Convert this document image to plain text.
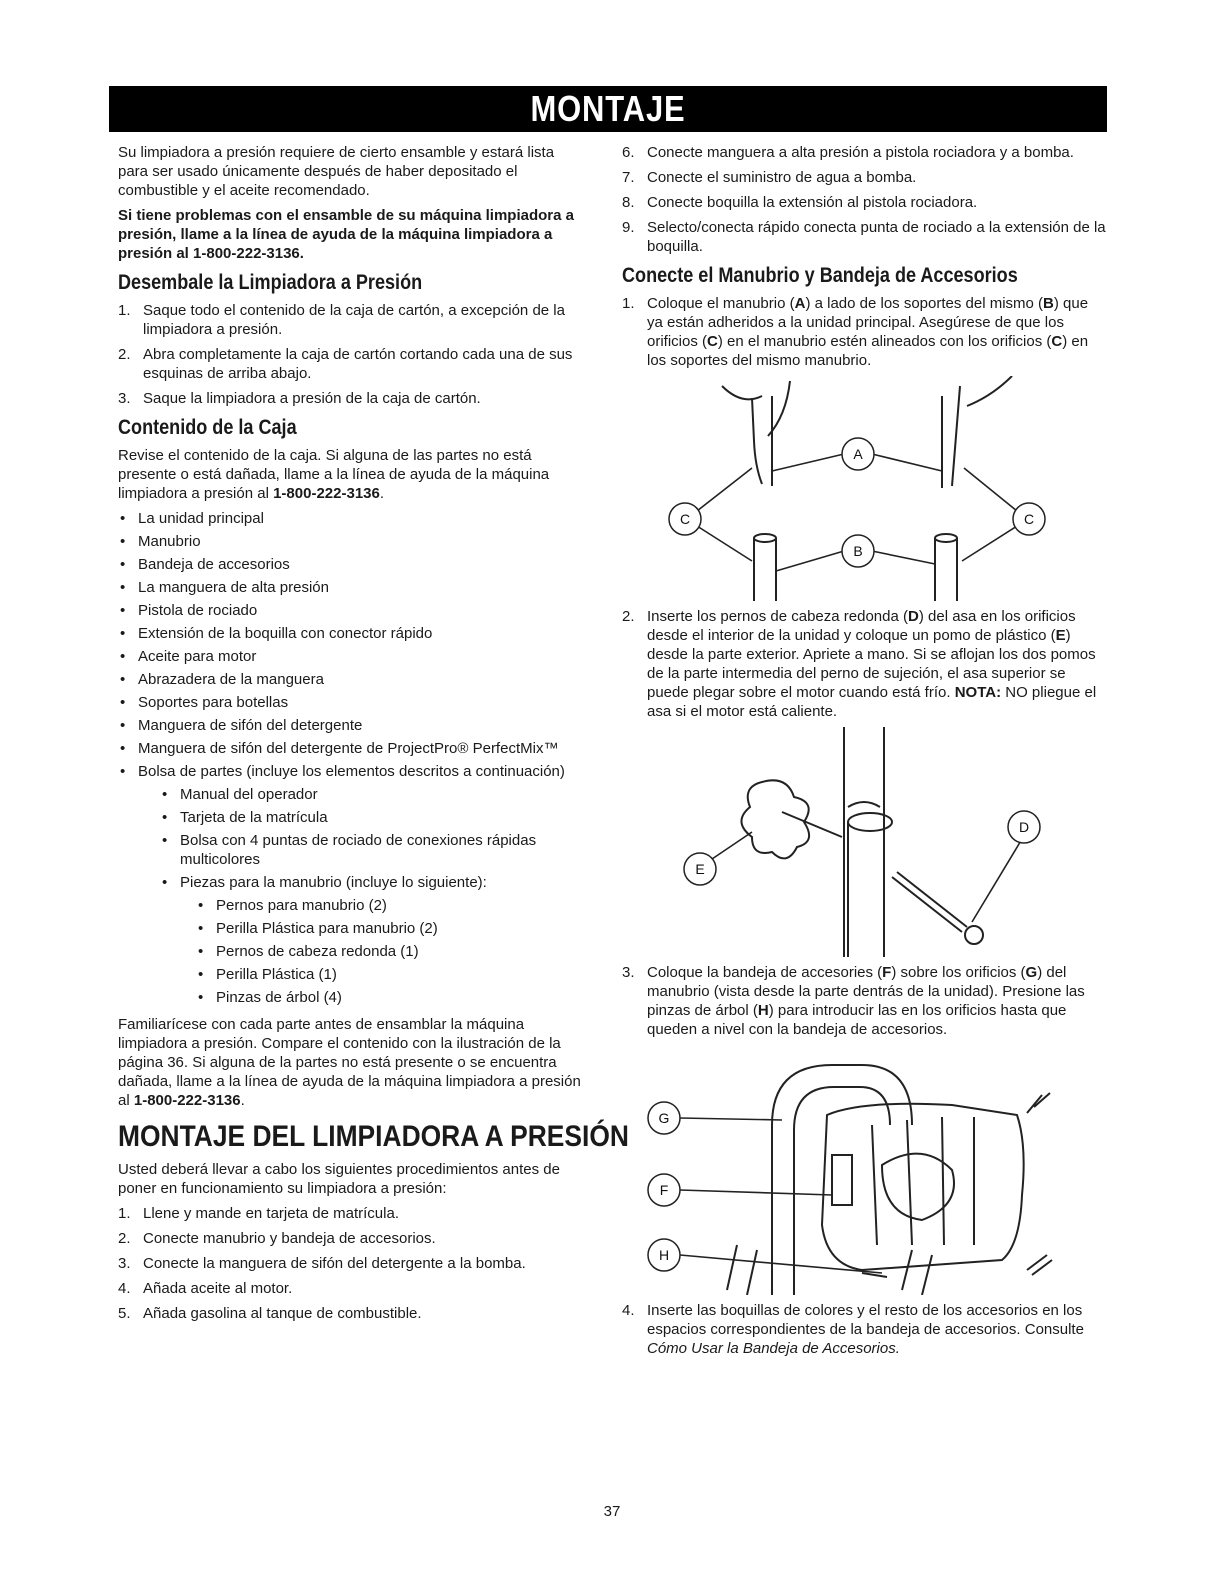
MONTAJE

Su limpiadora a presión requiere de cierto ensamble y estará lista para ser usado únicamente después de haber depositado el combustible y el aceite recomendado.

Si tiene problemas con el ensamble de su máquina limpiadora a presión, llame a la línea de ayuda de la máquina limpiadora a presión al 1-800-222-3136.

Desembale la Limpiadora a Presión
1. Saque todo el contenido de la caja de cartón, a excepción de la limpiadora a presión.
2. Abra completamente la caja de cartón cortando cada una de sus esquinas de arriba abajo.
3. Saque la limpiadora a presión de la caja de cartón.
Contenido de la Caja

Revise el contenido de la caja. Si alguna de las partes no está presente o está dañada, llame a la línea de ayuda de la máquina limpiadora a presión al 1-800-222-3136.

• La unidad principal
• Manubrio
• Bandeja de accesorios
• La manguera de alta presión
• Pistola de rociado
• Extensión de la boquilla con conector rápido
• Aceite para motor
• Abrazadera de la manguera
• Soportes para botellas
• Manguera de sifón del detergente
• Manguera de sifón del detergente de ProjectPro® PerfectMix™
• Bolsa de partes (incluye los elementos descritos a continuación)
• Manual del operador
• Tarjeta de la matrícula
• Bolsa con 4 puntas de rociado de conexiones rápidas multicolores
• Piezas para la manubrio (incluye lo siguiente):
• Pernos para manubrio (2)
• Perilla Plástica para manubrio (2)
• Pernos de cabeza redonda (1)
• Perilla Plástica (1)
• Pinzas de árbol (4)

Familiarícese con cada parte antes de ensamblar la máquina limpiadora a presión. Compare el contenido con la ilustración de la página 36. Si alguna de la partes no está presente o se encuentra dañada, llame a la línea de ayuda de la máquina limpiadora a presión al 1-800-222-3136.

MONTAJE DEL LIMPIADORA A PRESIÓN

Usted deberá llevar a cabo los siguientes procedimientos antes de poner en funcionamiento su limpiadora a presión:

1. Llene y mande en tarjeta de matrícula.
2. Conecte manubrio y bandeja de accesorios.
3. Conecte la manguera de sifón del detergente a la bomba.
4. Añada aceite al motor.
5. Añada gasolina al tanque de combustible.
6. Conecte manguera a alta presión a pistola rociadora y a bomba.
7. Conecte el suministro de agua a bomba.
8. Conecte boquilla la extensión al pistola rociadora.
9. Selecto/conecta rápido conecta punta de rociado a la extensión de la boquilla.
Conecte el Manubrio y Bandeja de Accesorios
1. Coloque el manubrio (A) a lado de los soportes del mismo (B) que ya están adheridos a la unidad principal. Asegúrese de que los orificios (C) en el manubrio estén alineados con los orificios (C) en los soportes del mismo manubrio.
A
B
C	C
2. Inserte los pernos de cabeza redonda (D) del asa en los orificios desde el interior de la unidad y coloque un pomo de plástico (E) desde la parte exterior. Apriete a mano. Si se aflojan los dos pomos de la parte intermedia del perno de sujeción, el asa superior se puede plegar sobre el motor cuando está frío. NOTA: NO pliegue el asa si el motor está caliente.
D
E
3. Coloque la bandeja de accesories (F) sobre los orificios (G) del manubrio (vista desde la parte dentrás de la unidad). Presione las pinzas de árbol (H) para introducir las en los orificios hasta que queden a nivel con la bandeja de accesorios.
G
F
H
4. Inserte las boquillas de colores y el resto de los accesorios en los espacios correspondientes de la bandeja de accesorios. Consulte Cómo Usar la Bandeja de Accesorios.
37
